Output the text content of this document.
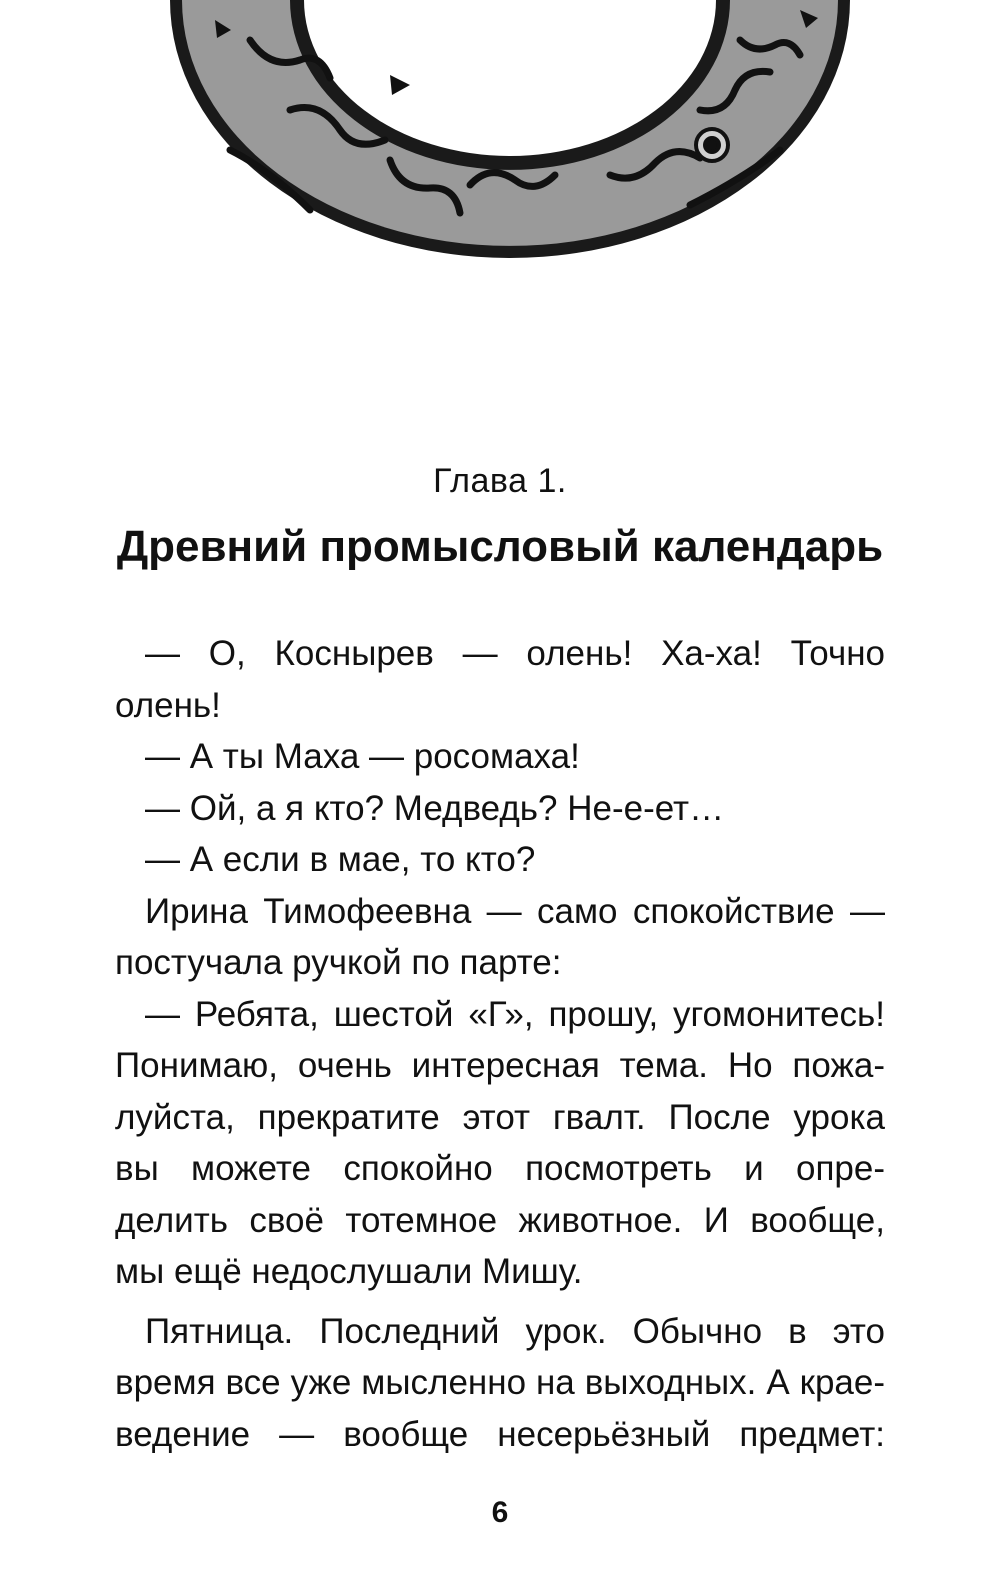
Глава 1.
Древний промысловый календарь
— О, Коснырев — олень! Ха-ха! Точно
олень!
— А ты Маха — росомаха!
— Ой, а я кто? Медведь? Не-е-ет…
— А если в мае, то кто?
Ирина Тимофеевна — само спокойствие —
постучала ручкой по парте:
— Ребята, шестой «Г», прошу, угомонитесь!
Понимаю, очень интересная тема. Но пожа-
луйста, прекратите этот гвалт. После урока
вы можете спокойно посмотреть и опре-
делить своё тотемное животное. И вообще,
мы ещё недослушали Мишу.
Пятница. Последний урок. Обычно в это
время все уже мысленно на выходных. А крае-
ведение — вообще несерьёзный предмет:
6
